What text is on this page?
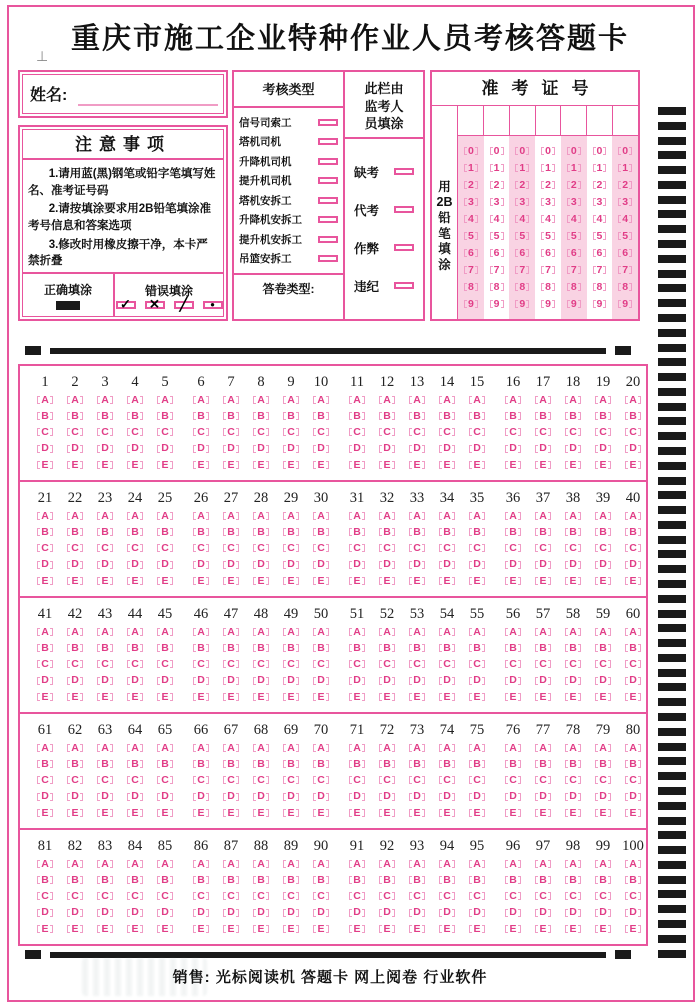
重庆市施工企业特种作业人员考核答题卡
⊥
姓名:
注意事项

1.请用蓝(黑)钢笔或铅字笔填写姓名、准考证号码

2.请按填涂要求用2B铅笔填涂准考号信息和答案选项

3.修改时用橡皮擦干净，本卡严禁折叠

正确填涂	错误填涂
✓ ✕ ╱	●
考核类型
信号司索工
塔机司机
升降机司机
提升机司机
塔机安拆工
升降机安拆工
提升机安拆工
吊篮安拆工
答卷类型:
此栏由
监考人
员填涂
缺考
代考
作弊
违纪
准考证号
用
2B
铅
笔
填
涂
0
1
2
3
4
5
6
7
8
9
0
1
2
3
4
5
6
7
8
9
0
1
2
3
4
5
6
7
8
9
0
1
2
3
4
5
6
7
8
9
0
1
2
3
4
5
6
7
8
9
0
1
2
3
4
5
6
7
8
9
0
1
2
3
4
5
6
7
8
9
1
A
B
C
D
E
2
A
B
C
D
E
3
A
B
C
D
E
4
A
B
C
D
E
5
A
B
C
D
E
6
A
B
C
D
E
7
A
B
C
D
E
8
A
B
C
D
E
9
A
B
C
D
E
10
A
B
C
D
E
11
A
B
C
D
E
12
A
B
C
D
E
13
A
B
C
D
E
14
A
B
C
D
E
15
A
B
C
D
E
16
A
B
C
D
E
17
A
B
C
D
E
18
A
B
C
D
E
19
A
B
C
D
E
20
A
B
C
D
E
21
A
B
C
D
E
22
A
B
C
D
E
23
A
B
C
D
E
24
A
B
C
D
E
25
A
B
C
D
E
26
A
B
C
D
E
27
A
B
C
D
E
28
A
B
C
D
E
29
A
B
C
D
E
30
A
B
C
D
E
31
A
B
C
D
E
32
A
B
C
D
E
33
A
B
C
D
E
34
A
B
C
D
E
35
A
B
C
D
E
36
A
B
C
D
E
37
A
B
C
D
E
38
A
B
C
D
E
39
A
B
C
D
E
40
A
B
C
D
E
41
A
B
C
D
E
42
A
B
C
D
E
43
A
B
C
D
E
44
A
B
C
D
E
45
A
B
C
D
E
46
A
B
C
D
E
47
A
B
C
D
E
48
A
B
C
D
E
49
A
B
C
D
E
50
A
B
C
D
E
51
A
B
C
D
E
52
A
B
C
D
E
53
A
B
C
D
E
54
A
B
C
D
E
55
A
B
C
D
E
56
A
B
C
D
E
57
A
B
C
D
E
58
A
B
C
D
E
59
A
B
C
D
E
60
A
B
C
D
E
61
A
B
C
D
E
62
A
B
C
D
E
63
A
B
C
D
E
64
A
B
C
D
E
65
A
B
C
D
E
66
A
B
C
D
E
67
A
B
C
D
E
68
A
B
C
D
E
69
A
B
C
D
E
70
A
B
C
D
E
71
A
B
C
D
E
72
A
B
C
D
E
73
A
B
C
D
E
74
A
B
C
D
E
75
A
B
C
D
E
76
A
B
C
D
E
77
A
B
C
D
E
78
A
B
C
D
E
79
A
B
C
D
E
80
A
B
C
D
E
81
A
B
C
D
E
82
A
B
C
D
E
83
A
B
C
D
E
84
A
B
C
D
E
85
A
B
C
D
E
86
A
B
C
D
E
87
A
B
C
D
E
88
A
B
C
D
E
89
A
B
C
D
E
90
A
B
C
D
E
91
A
B
C
D
E
92
A
B
C
D
E
93
A
B
C
D
E
94
A
B
C
D
E
95
A
B
C
D
E
96
A
B
C
D
E
97
A
B
C
D
E
98
A
B
C
D
E
99
A
B
C
D
E
100
A
B
C
D
E
销售: 光标阅读机 答题卡 网上阅卷 行业软件
